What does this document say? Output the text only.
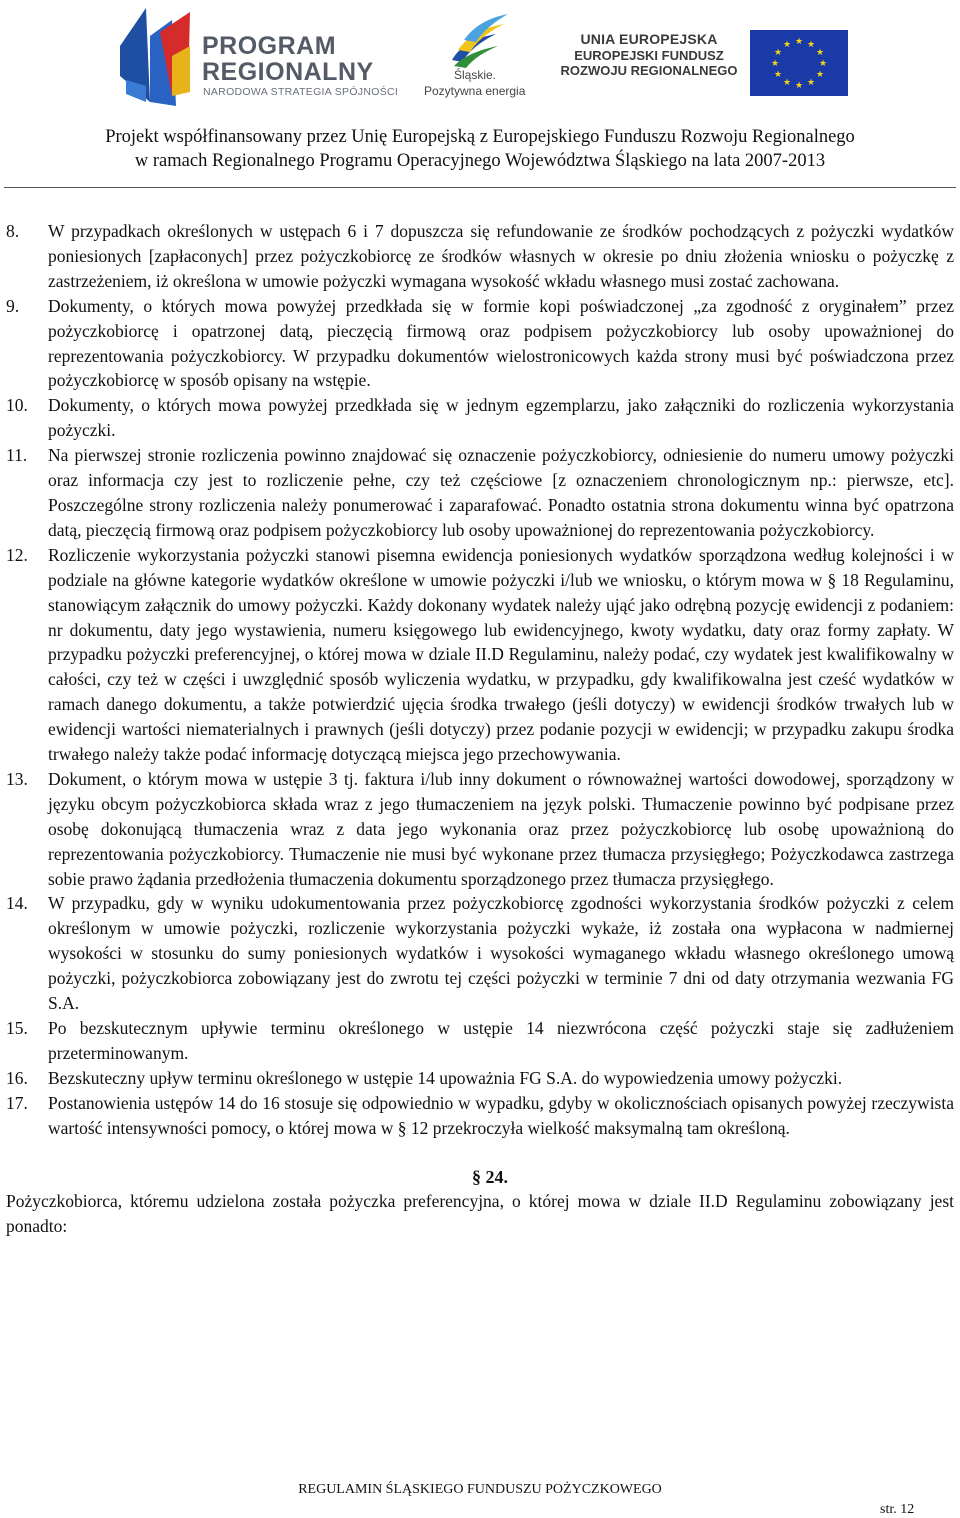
PROGRAM
REGIONALNY
NARODOWA STRATEGIA SPÓJNOŚCI
Śląskie.
Pozytywna energia
UNIA EUROPEJSKA
EUROPEJSKI FUNDUSZ
ROZWOJU REGIONALNEGO
★ ★
★
★
★
★
★
★
★
★
★
★
Projekt współfinansowany przez Unię Europejską z Europejskiego Funduszu Rozwoju Regionalnego
w ramach Regionalnego Programu Operacyjnego Województwa Śląskiego na lata 2007-2013
8. W przypadkach określonych w ustępach 6 i 7 dopuszcza się refundowanie ze środków pochodzących z pożyczki wydatków poniesionych [zapłaconych] przez pożyczkobiorcę ze środków własnych w okresie po dniu złożenia wniosku o pożyczkę z zastrzeżeniem, iż określona w umowie pożyczki wymagana wysokość wkładu własnego musi zostać zachowana.
9. Dokumenty, o których mowa powyżej przedkłada się w formie kopi poświadczonej „za zgodność z oryginałem” przez pożyczkobiorcę i opatrzonej datą, pieczęcią firmową oraz podpisem pożyczkobiorcy lub osoby upoważnionej do reprezentowania pożyczkobiorcy. W przypadku dokumentów wielostronicowych każda strony musi być poświadczona przez pożyczkobiorcę w sposób opisany na wstępie.
10. Dokumenty, o których mowa powyżej przedkłada się w jednym egzemplarzu, jako załączniki do rozliczenia wykorzystania pożyczki.
11. Na pierwszej stronie rozliczenia powinno znajdować się oznaczenie pożyczkobiorcy, odniesienie do numeru umowy pożyczki oraz informacja czy jest to rozliczenie pełne, czy też częściowe [z oznaczeniem chronologicznym np.: pierwsze, etc]. Poszczególne strony rozliczenia należy ponumerować i zaparafować. Ponadto ostatnia strona dokumentu winna być opatrzona datą, pieczęcią firmową oraz podpisem pożyczkobiorcy lub osoby upoważnionej do reprezentowania pożyczkobiorcy.
12. Rozliczenie wykorzystania pożyczki stanowi pisemna ewidencja poniesionych wydatków sporządzona według kolejności i w podziale na główne kategorie wydatków określone w umowie pożyczki i/lub we wniosku, o którym mowa w § 18 Regulaminu, stanowiącym załącznik do umowy pożyczki. Każdy dokonany wydatek należy ująć jako odrębną pozycję ewidencji z podaniem: nr dokumentu, daty jego wystawienia, numeru księgowego lub ewidencyjnego, kwoty wydatku, daty oraz formy zapłaty. W przypadku pożyczki preferencyjnej, o której mowa w dziale II.D Regulaminu, należy podać, czy wydatek jest kwalifikowalny w całości, czy też w części i uwzględnić sposób wyliczenia wydatku, w przypadku, gdy kwalifikowalna jest cześć wydatków w ramach danego dokumentu, a także potwierdzić ujęcia środka trwałego (jeśli dotyczy) w ewidencji środków trwałych lub w ewidencji wartości niematerialnych i prawnych (jeśli dotyczy) przez podanie pozycji w ewidencji; w przypadku zakupu środka trwałego należy także podać informację dotyczącą miejsca jego przechowywania.
13. Dokument, o którym mowa w ustępie 3 tj. faktura i/lub inny dokument o równoważnej wartości dowodowej, sporządzony w języku obcym pożyczkobiorca składa wraz z jego tłumaczeniem na język polski. Tłumaczenie powinno być podpisane przez osobę dokonującą tłumaczenia wraz z data jego wykonania oraz przez pożyczkobiorcę lub osobę upoważnioną do reprezentowania pożyczkobiorcy. Tłumaczenie nie musi być wykonane przez tłumacza przysięgłego; Pożyczkodawca zastrzega sobie prawo żądania przedłożenia tłumaczenia dokumentu sporządzonego przez tłumacza przysięgłego.
14. W przypadku, gdy w wyniku udokumentowania przez pożyczkobiorcę zgodności wykorzystania środków pożyczki z celem określonym w umowie pożyczki, rozliczenie wykorzystania pożyczki wykaże, iż została ona wypłacona w nadmiernej wysokości w stosunku do sumy poniesionych wydatków i wysokości wymaganego wkładu własnego określonego umową pożyczki, pożyczkobiorca zobowiązany jest do zwrotu tej części pożyczki w terminie 7 dni od daty otrzymania wezwania FG S.A.
15. Po bezskutecznym upływie terminu określonego w ustępie 14 niezwrócona część pożyczki staje się zadłużeniem przeterminowanym.
16. Bezskuteczny upływ terminu określonego w ustępie 14 upoważnia FG S.A. do wypowiedzenia umowy pożyczki.
17. Postanowienia ustępów 14 do 16 stosuje się odpowiednio w wypadku, gdyby w okolicznościach opisanych powyżej rzeczywista wartość intensywności pomocy, o której mowa w § 12 przekroczyła wielkość maksymalną tam określoną.
§ 24.
Pożyczkobiorca, któremu udzielona została pożyczka preferencyjna, o której mowa w dziale II.D Regulaminu zobowiązany jest ponadto:
REGULAMIN ŚLĄSKIEGO FUNDUSZU POŻYCZKOWEGO
str. 12
